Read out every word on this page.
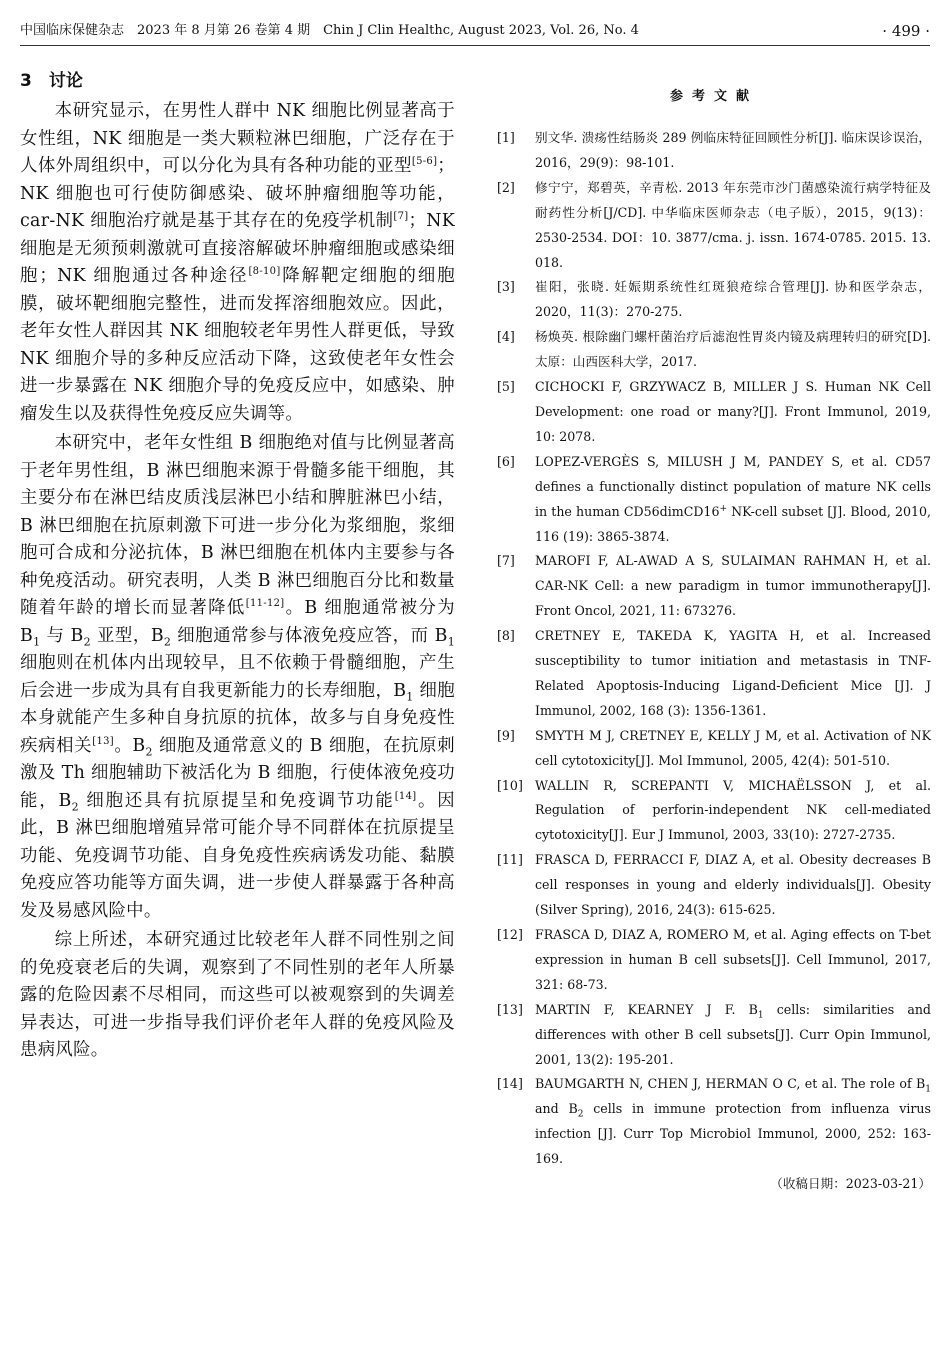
中国临床保健杂志　2023 年 8 月第 26 卷第 4 期　Chin J Clin Healthc, August 2023, Vol. 26, No. 4	· 499 ·
3　讨论

本研究显示，在男性人群中 NK 细胞比例显著高于女性组，NK 细胞是一类大颗粒淋巴细胞，广泛存在于人体外周组织中，可以分化为具有各种功能的亚型[5-6]；NK 细胞也可行使防御感染、破坏肿瘤细胞等功能，car-NK 细胞治疗就是基于其存在的免疫学机制[7]；NK 细胞是无须预刺激就可直接溶解破坏肿瘤细胞或感染细胞；NK 细胞通过各种途径[8-10]降解靶定细胞的细胞膜，破坏靶细胞完整性，进而发挥溶细胞效应。因此，老年女性人群因其 NK 细胞较老年男性人群更低，导致 NK 细胞介导的多种反应活动下降，这致使老年女性会进一步暴露在 NK 细胞介导的免疫反应中，如感染、肿瘤发生以及获得性免疫反应失调等。

本研究中，老年女性组 B 细胞绝对值与比例显著高于老年男性组，B 淋巴细胞来源于骨髓多能干细胞，其主要分布在淋巴结皮质浅层淋巴小结和脾脏淋巴小结，B 淋巴细胞在抗原刺激下可进一步分化为浆细胞，浆细胞可合成和分泌抗体，B 淋巴细胞在机体内主要参与各种免疫活动。研究表明，人类 B 淋巴细胞百分比和数量随着年龄的增长而显著降低[11-12]。B 细胞通常被分为 $B_1$ 与 $B_2$ 亚型，$B_2$ 细胞通常参与体液免疫应答，而 $B_1$ 细胞则在机体内出现较早，且不依赖于骨髓细胞，产生后会进一步成为具有自我更新能力的长寿细胞，$B_1$ 细胞本身就能产生多种自身抗原的抗体，故多与自身免疫性疾病相关[13]。$B_2$ 细胞及通常意义的 B 细胞，在抗原刺激及 Th 细胞辅助下被活化为 B 细胞，行使体液免疫功能，$B_2$ 细胞还具有抗原提呈和免疫调节功能[14]。因此，B 淋巴细胞增殖异常可能介导不同群体在抗原提呈功能、免疫调节功能、自身免疫性疾病诱发功能、黏膜免疫应答功能等方面失调，进一步使人群暴露于各种高发及易感风险中。

综上所述，本研究通过比较老年人群不同性别之间的免疫衰老后的失调，观察到了不同性别的老年人所暴露的危险因素不尽相同，而这些可以被观察到的失调差异表达，可进一步指导我们评价老年人群的免疫风险及患病风险。

参考文献

[1]	别文华. 溃疡性结肠炎 289 例临床特征回顾性分析[J]. 临床误诊误治，2016，29(9)：98-101.

[2]	修宁宁，郑碧英，辛青松. 2013 年东莞市沙门菌感染流行病学特征及耐药性分析[J/CD]. 中华临床医师杂志（电子版），2015，9(13)：2530-2534. DOI：10. 3877/cma. j. issn. 1674-0785. 2015. 13. 018.

[3]	崔阳，张晓. 妊娠期系统性红斑狼疮综合管理[J]. 协和医学杂志，2020，11(3)：270-275.

[4]	杨焕英. 根除幽门螺杆菌治疗后滤泡性胃炎内镜及病理转归的研究[D]. 太原：山西医科大学，2017.

[5]	CICHOCKI F, GRZYWACZ B, MILLER J S. Human NK Cell Development: one road or many?[J]. Front Immunol, 2019, 10: 2078.

[6]	LOPEZ-VERGÈS S, MILUSH J M, PANDEY S, et al. CD57 defines a functionally distinct population of mature NK cells in the human CD56dimCD16+ NK-cell subset [J]. Blood, 2010, 116 (19): 3865-3874.

[7]	MAROFI F, AL-AWAD A S, SULAIMAN RAHMAN H, et al. CAR-NK Cell: a new paradigm in tumor immunotherapy[J]. Front Oncol, 2021, 11: 673276.

[8]	CRETNEY E, TAKEDA K, YAGITA H, et al. Increased susceptibility to tumor initiation and metastasis in TNF-Related Apoptosis-Inducing Ligand-Deficient Mice [J]. J Immunol, 2002, 168 (3): 1356-1361.

[9]	SMYTH M J, CRETNEY E, KELLY J M, et al. Activation of NK cell cytotoxicity[J]. Mol Immunol, 2005, 42(4): 501-510.

[10] WALLIN R, SCREPANTI V, MICHAËLSSON J, et al. Regulation of perforin-independent NK cell-mediated cytotoxicity[J]. Eur J Immunol, 2003, 33(10): 2727-2735.

[11] FRASCA D, FERRACCI F, DIAZ A, et al. Obesity decreases B cell responses in young and elderly individuals[J]. Obesity (Silver Spring), 2016, 24(3): 615-625.

[12] FRASCA D, DIAZ A, ROMERO M, et al. Aging effects on T-bet expression in human B cell subsets[J]. Cell Immunol, 2017, 321: 68-73.

[13] MARTIN F, KEARNEY J F. $B_1$ cells: similarities and differences with other B cell subsets[J]. Curr Opin Immunol, 2001, 13(2): 195-201.

[14] BAUMGARTH N, CHEN J, HERMAN O C, et al. The role of $B_1$ and $B_2$ cells in immune protection from influenza virus infection [J]. Curr Top Microbiol Immunol, 2000, 252: 163-169.

（收稿日期：2023-03-21）
